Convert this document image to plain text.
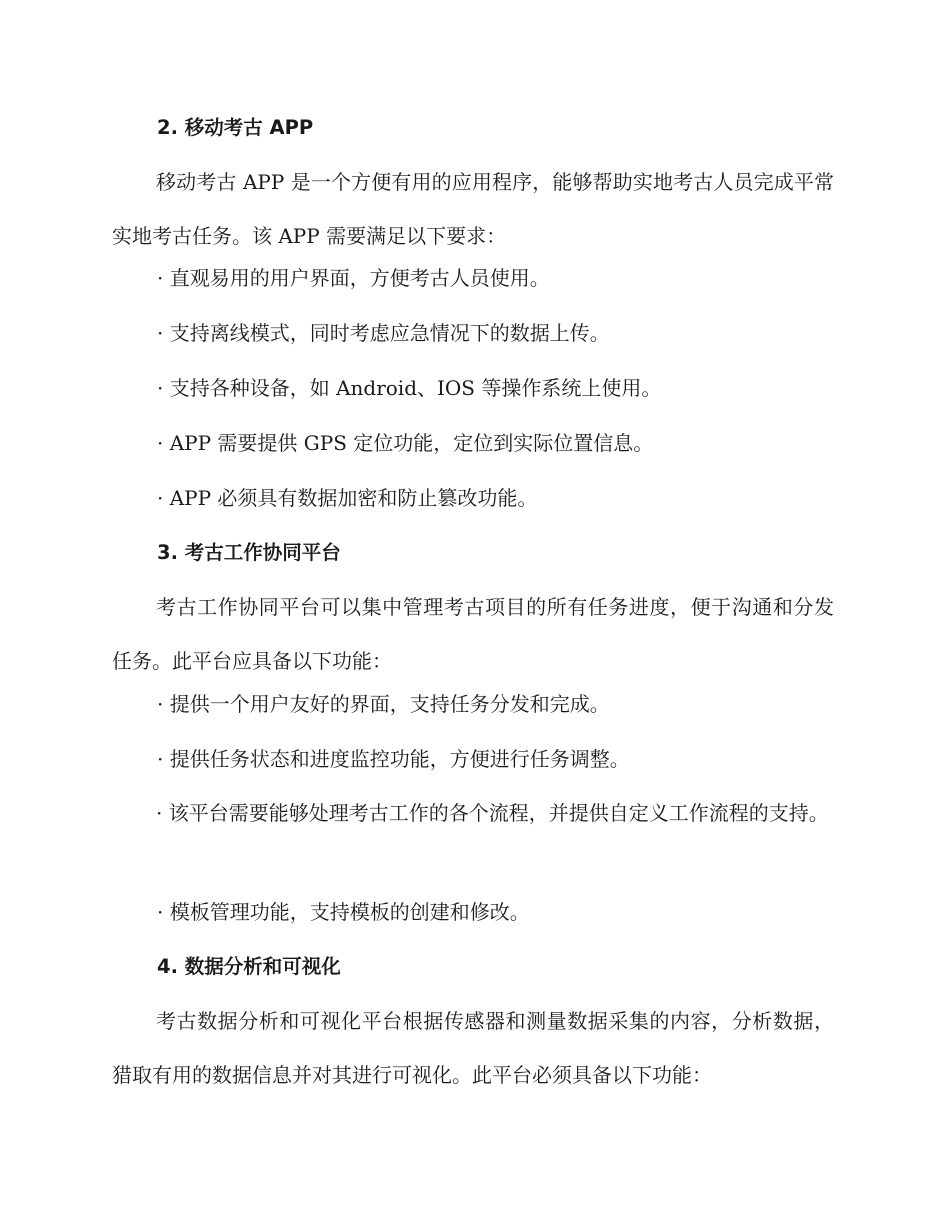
2. 移动考古 APP
移动考古 APP 是一个方便有用的应用程序，能够帮助实地考古人员完成平常实地考古任务。该 APP 需要满足以下要求：
· 直观易用的用户界面，方便考古人员使用。
· 支持离线模式，同时考虑应急情况下的数据上传。
· 支持各种设备，如 Android、IOS 等操作系统上使用。
· APP 需要提供 GPS 定位功能，定位到实际位置信息。
· APP 必须具有数据加密和防止篡改功能。
3. 考古工作协同平台
考古工作协同平台可以集中管理考古项目的所有任务进度，便于沟通和分发任务。此平台应具备以下功能：
· 提供一个用户友好的界面，支持任务分发和完成。
· 提供任务状态和进度监控功能，方便进行任务调整。
· 该平台需要能够处理考古工作的各个流程，并提供自定义工作流程的支持。
· 模板管理功能，支持模板的创建和修改。
4. 数据分析和可视化
考古数据分析和可视化平台根据传感器和测量数据采集的内容，分析数据，猎取有用的数据信息并对其进行可视化。此平台必须具备以下功能：
